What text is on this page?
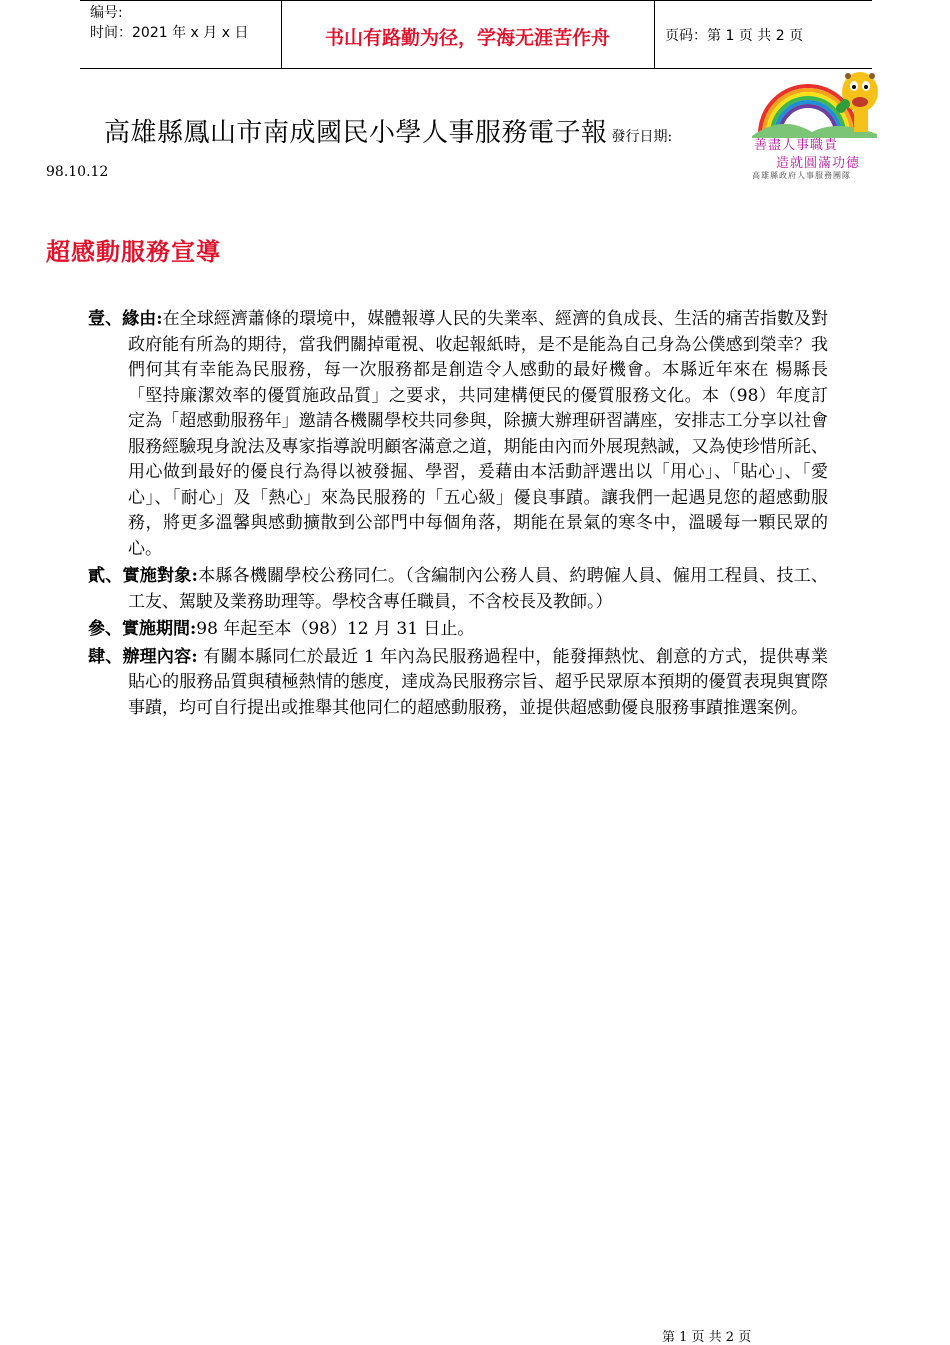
编号:
时间：2021 年 x 月 x 日	书山有路勤为径，学海无涯苦作舟	页码：第 1 页 共 2 页
高雄縣鳳山市南成國民小學人事服務電子報 發行日期:
98.10.12
善盡人事職責
造就圓滿功德
高雄縣政府人事服務團隊
超感動服務宣導

壹、緣由:在全球經濟蕭條的環境中，媒體報導人民的失業率、經濟的負成長、生活的痛苦指數及對政府能有所為的期待，當我們關掉電視、收起報紙時，是不是能為自己身為公僕感到榮幸？我們何其有幸能為民服務，每一次服務都是創造令人感動的最好機會。本縣近年來在 楊縣長「堅持廉潔效率的優質施政品質」之要求，共同建構便民的優質服務文化。本（98）年度訂定為「超感動服務年」邀請各機關學校共同參與，除擴大辦理研習講座，安排志工分享以社會服務經驗現身說法及專家指導說明顧客滿意之道，期能由內而外展現熱誠，又為使珍惜所託、用心做到最好的優良行為得以被發掘、學習，爰藉由本活動評選出以「用心」、「貼心」、「愛心」、「耐心」及「熱心」來為民服務的「五心級」優良事蹟。讓我們一起遇見您的超感動服務，將更多溫馨與感動擴散到公部門中每個角落，期能在景氣的寒冬中，溫暖每一顆民眾的心。

貳、實施對象:本縣各機關學校公務同仁。（含編制內公務人員、約聘僱人員、僱用工程員、技工、工友、駕駛及業務助理等。學校含專任職員，不含校長及教師。）

參、實施期間:98 年起至本（98）12 月 31 日止。

肆、辦理內容: 有關本縣同仁於最近 1 年內為民服務過程中，能發揮熱忱、創意的方式，提供專業貼心的服務品質與積極熱情的態度，達成為民服務宗旨、超乎民眾原本預期的優質表現與實際事蹟，均可自行提出或推舉其他同仁的超感動服務，並提供超感動優良服務事蹟推選案例。

第 1 页 共 2 页
